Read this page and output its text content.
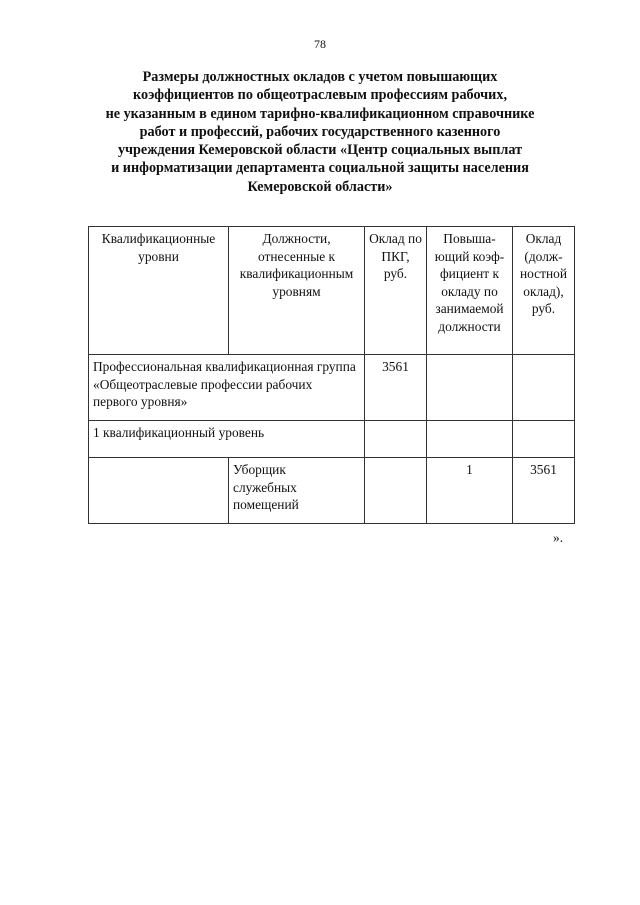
78
Размеры должностных окладов с учетом повышающих
коэффициентов по общеотраслевым профессиям рабочих,
не указанным в едином тарифно-квалификационном справочнике
работ и профессий, рабочих государственного казенного
учреждения Кемеровской области «Центр социальных выплат
и информатизации департамента социальной защиты населения
Кемеровской области»
Квалификационные уровни	Должности, отнесенные к квалификационным уровням	Оклад по ПКГ, руб.	Повыша-ющий коэф-фициент к окладу по занимаемой должности	Оклад (долж-ностной оклад), руб.
Профессиональная квалификационная группа «Общеотраслевые профессии рабочих первого уровня»		3561		
1 квалификационный уровень				
	Уборщик служебных помещений		1	3561
».
